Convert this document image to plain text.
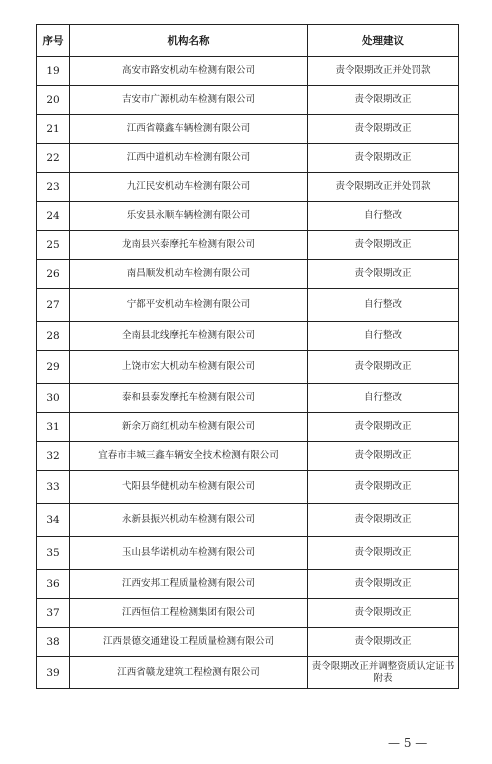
序号	机构名称	处理建议
19	高安市路安机动车检测有限公司	责令限期改正并处罚款
20	吉安市广源机动车检测有限公司	责令限期改正
21	江西省赣鑫车辆检测有限公司	责令限期改正
22	江西中道机动车检测有限公司	责令限期改正
23	九江民安机动车检测有限公司	责令限期改正并处罚款
24	乐安县永顺车辆检测有限公司	自行整改
25	龙南县兴泰摩托车检测有限公司	责令限期改正
26	南昌顺发机动车检测有限公司	责令限期改正
27	宁都平安机动车检测有限公司	自行整改
28	全南县北线摩托车检测有限公司	自行整改
29	上饶市宏大机动车检测有限公司	责令限期改正
30	泰和县泰发摩托车检测有限公司	自行整改
31	新余万商红机动车检测有限公司	责令限期改正
32	宜春市丰城三鑫车辆安全技术检测有限公司	责令限期改正
33	弋阳县华健机动车检测有限公司	责令限期改正
34	永新县振兴机动车检测有限公司	责令限期改正
35	玉山县华诺机动车检测有限公司	责令限期改正
36	江西安邦工程质量检测有限公司	责令限期改正
37	江西恒信工程检测集团有限公司	责令限期改正
38	江西景德交通建设工程质量检测有限公司	责令限期改正
39	江西省赣龙建筑工程检测有限公司	责令限期改正并调整资质认定证书附表
— 5 —
